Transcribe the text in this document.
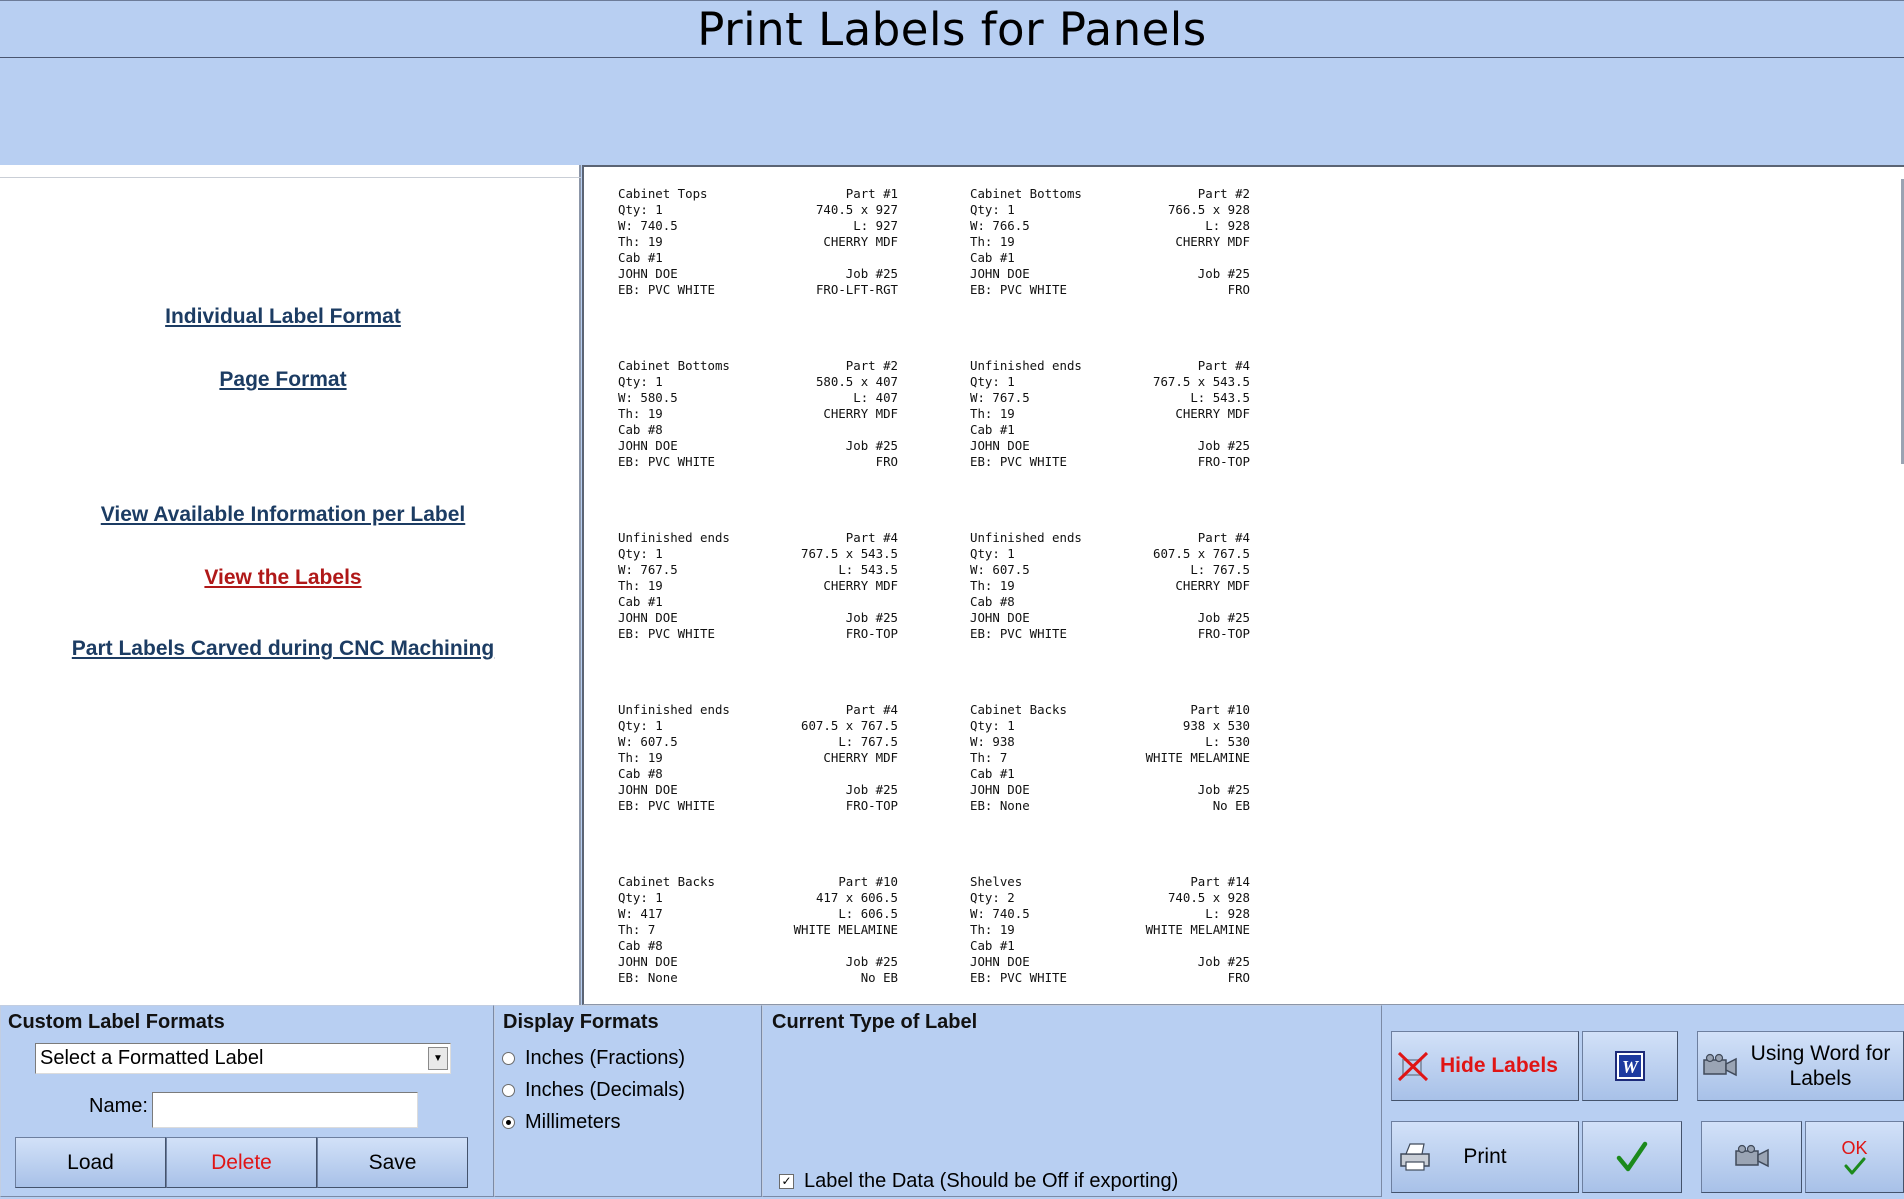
Print Labels for Panels
Individual Label Format
Page Format
View Available Information per Label
View the Labels
Part Labels Carved during CNC Machining
Cabinet Tops	Part #1
Qty: 1	740.5 x 927
W: 740.5	L: 927
Th: 19	CHERRY MDF
Cab #1
JOHN DOE	Job #25
EB: PVC WHITE	FRO-LFT-RGT
Cabinet Bottoms	Part #2
Qty: 1	766.5 x 928
W: 766.5	L: 928
Th: 19	CHERRY MDF
Cab #1
JOHN DOE	Job #25
EB: PVC WHITE	FRO
Cabinet Bottoms	Part #2
Qty: 1	580.5 x 407
W: 580.5	L: 407
Th: 19	CHERRY MDF
Cab #8
JOHN DOE	Job #25
EB: PVC WHITE	FRO
Unfinished ends	Part #4
Qty: 1	767.5 x 543.5
W: 767.5	L: 543.5
Th: 19	CHERRY MDF
Cab #1
JOHN DOE	Job #25
EB: PVC WHITE	FRO-TOP
Unfinished ends	Part #4
Qty: 1	767.5 x 543.5
W: 767.5	L: 543.5
Th: 19	CHERRY MDF
Cab #1
JOHN DOE	Job #25
EB: PVC WHITE	FRO-TOP
Unfinished ends	Part #4
Qty: 1	607.5 x 767.5
W: 607.5	L: 767.5
Th: 19	CHERRY MDF
Cab #8
JOHN DOE	Job #25
EB: PVC WHITE	FRO-TOP
Unfinished ends	Part #4
Qty: 1	607.5 x 767.5
W: 607.5	L: 767.5
Th: 19	CHERRY MDF
Cab #8
JOHN DOE	Job #25
EB: PVC WHITE	FRO-TOP
Cabinet Backs	Part #10
Qty: 1	938 x 530
W: 938	L: 530
Th: 7	WHITE MELAMINE
Cab #1
JOHN DOE	Job #25
EB: None	No EB
Cabinet Backs	Part #10
Qty: 1	417 x 606.5
W: 417	L: 606.5
Th: 7	WHITE MELAMINE
Cab #8
JOHN DOE	Job #25
EB: None	No EB
Shelves	Part #14
Qty: 2	740.5 x 928
W: 740.5	L: 928
Th: 19	WHITE MELAMINE
Cab #1
JOHN DOE	Job #25
EB: PVC WHITE	FRO
Custom Label Formats
Select a Formatted Label	▼
Name:
Load	Delete	Save
Display Formats
Inches (Fractions)
Inches (Decimals)
Millimeters
Current Type of Label
✓ Label the Data (Should be Off if exporting)
Hide Labels	W
Using Word for Labels
Print	OK
